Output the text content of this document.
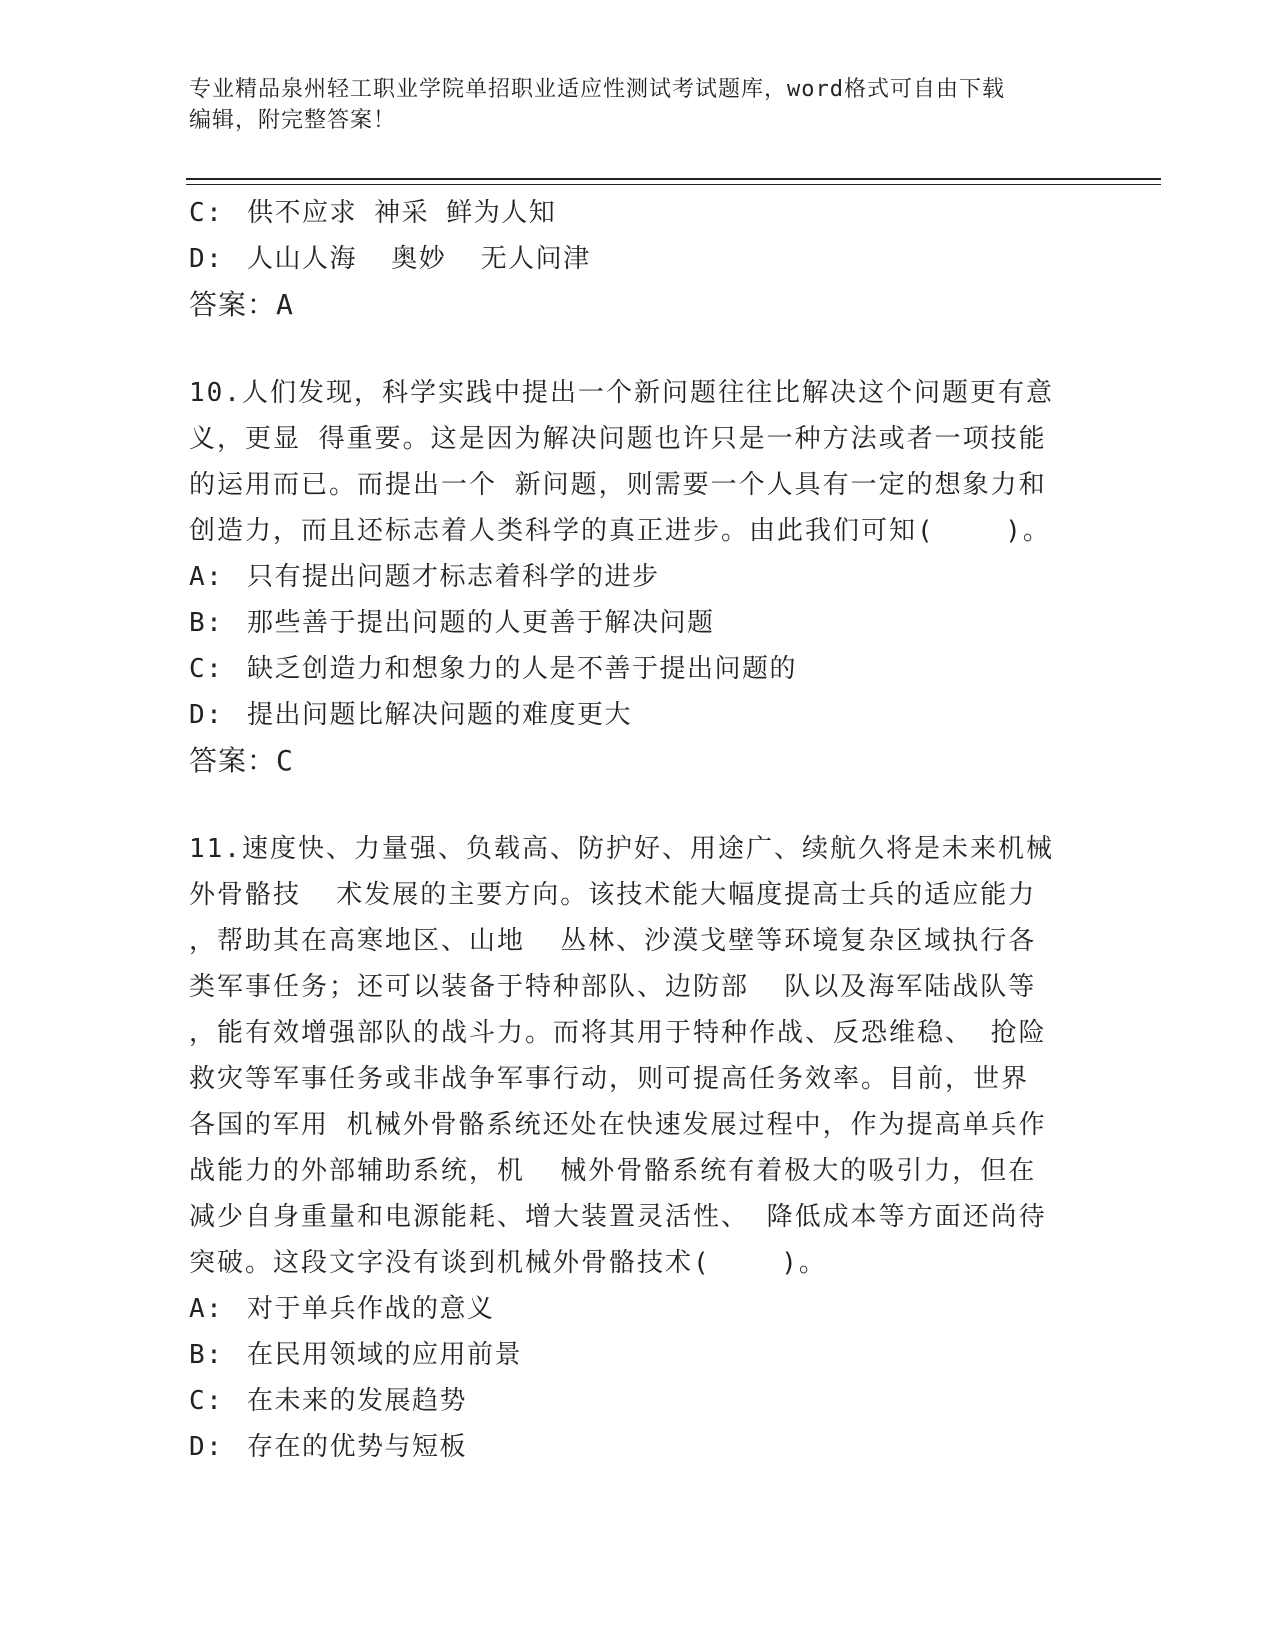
专业精品泉州轻工职业学院单招职业适应性测试考试题库，word格式可自由下载
编辑，附完整答案！
C: 供不应求 神采 鲜为人知
D: 人山人海  奥妙  无人问津
答案：A
10.人们发现，科学实践中提出一个新问题往往比解决这个问题更有意
义，更显 得重要。这是因为解决问题也许只是一种方法或者一项技能
的运用而已。而提出一个 新问题，则需要一个人具有一定的想象力和
创造力，而且还标志着人类科学的真正进步。由此我们可知(    )。
A: 只有提出问题才标志着科学的进步
B: 那些善于提出问题的人更善于解决问题
C: 缺乏创造力和想象力的人是不善于提出问题的
D: 提出问题比解决问题的难度更大
答案：C
11.速度快、力量强、负载高、防护好、用途广、续航久将是未来机械
外骨骼技  术发展的主要方向。该技术能大幅度提高士兵的适应能力
，帮助其在高寒地区、山地  丛林、沙漠戈壁等环境复杂区域执行各
类军事任务；还可以装备于特种部队、边防部  队以及海军陆战队等
，能有效增强部队的战斗力。而将其用于特种作战、反恐维稳、 抢险
救灾等军事任务或非战争军事行动，则可提高任务效率。目前，世界
各国的军用 机械外骨骼系统还处在快速发展过程中，作为提高单兵作
战能力的外部辅助系统，机  械外骨骼系统有着极大的吸引力，但在
减少自身重量和电源能耗、增大装置灵活性、 降低成本等方面还尚待
突破。这段文字没有谈到机械外骨骼技术(    )。
A: 对于单兵作战的意义
B: 在民用领域的应用前景
C: 在未来的发展趋势
D: 存在的优势与短板
